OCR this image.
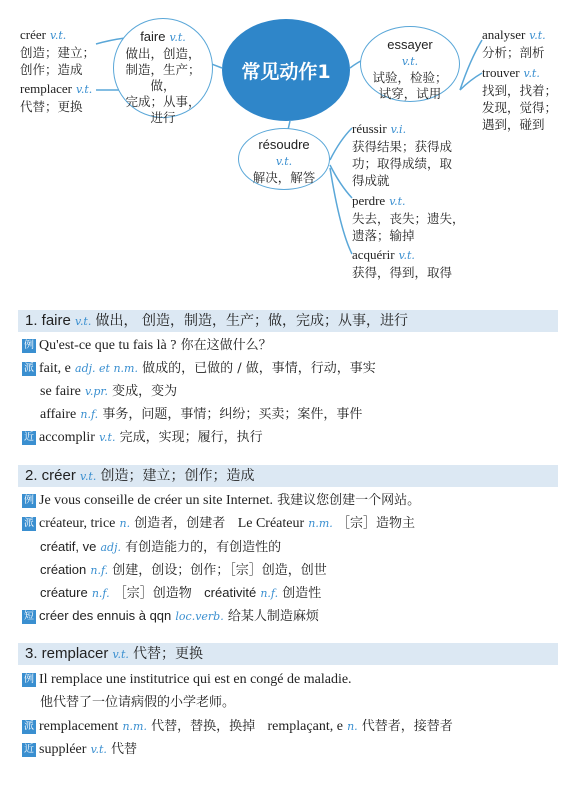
créer v.t.
创造；建立；
创作；造成
remplacer v.t.
代替；更换
faire v.t.
做出，创造，
制造，生产；做，
完成；从事，
进行
常见动作1
essayer
v.t.
试验，检验；
试穿，试用
résoudre
v.t.
解决，解答
analyser v.t.
分析；剖析
trouver v.t.
找到，找着；
发现，觉得；
遇到，碰到
réussir v.i.
获得结果；获得成
功；取得成绩，取
得成就
perdre v.t.
失去，丧失；遗失，
遗落；输掉
acquérir v.t.
获得，得到，取得
1. faire v.t. 做出， 创造，制造，生产；做，完成；从事，进行
例 Qu'est-ce que tu fais là ? 你在这做什么？
派 fait, e adj. et n.m. 做成的，已做的 / 做，事情，行动，事实
se faire v.pr. 变成，变为
affaire n.f. 事务，问题，事情；纠纷；买卖；案件，事件
近 accomplir v.t. 完成，实现；履行，执行
2. créer v.t. 创造；建立；创作；造成
例 Je vous conseille de créer un site Internet. 我建议您创建一个网站。
派 créateur, trice n. 创造者，创建者 Le Créateur n.m. ［宗］造物主
créatif, ve adj. 有创造能力的，有创造性的
création n.f. 创建，创设；创作；［宗］创造，创世
créature n.f. ［宗］创造物 créativité n.f. 创造性
短 créer des ennuis à qqn loc.verb. 给某人制造麻烦
3. remplacer v.t. 代替；更换
例 Il remplace une institutrice qui est en congé de maladie.
他代替了一位请病假的小学老师。
派 remplacement n.m. 代替，替换，换掉 remplaçant, e n. 代替者，接替者
近 suppléer v.t. 代替
